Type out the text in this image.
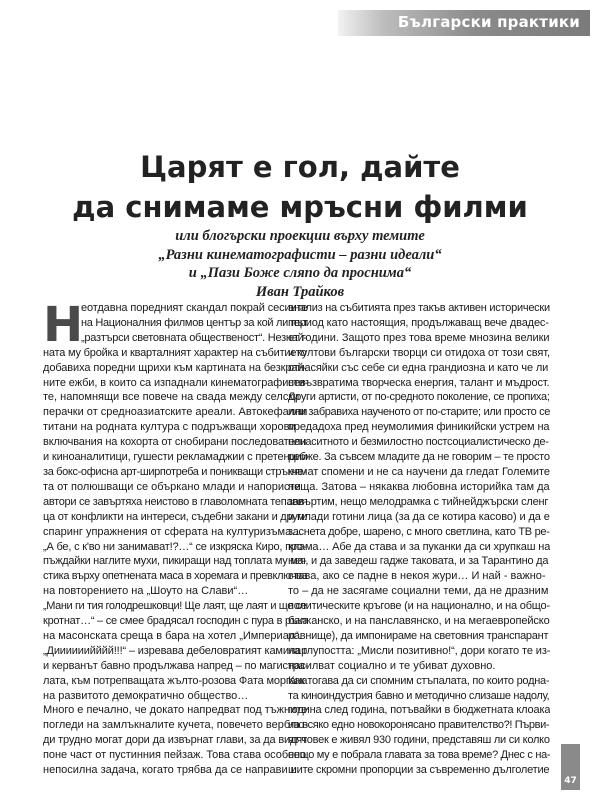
Български практики
Царят е гол, дайте
да снимаме мръсни филми
или блогърски проекции върху темите
„Разни кинематографисти – разни идеали“
и „Пази Боже сляпо да проснима“
Иван Трайков
Н
еотдавна поредният скандал покрай сесиите
на Националния филмов център за кой ли път
„разтърси световната общественост“. Незнай-
ната му бройка и кварталният характер на събитието
добавиха поредни щрихи към картината на безкрай-
ните ежби, в които са изпаднали кинематографисти-
те, напомнящи все повече на свада между селски
перачки от средноазиатските ареали. Автокефални
титани на родната култура с подръжващи хорови
включвания на кохорта от снобирани последователи
и киноаналитици, гушести рекламаджии с претенции
за бокс-офисна арт-ширпотреба и поникващи стръкче-
та от полюшващи се объркано млади и напористи
автори се завъртяха неистово в главоломната тепави-
ца от конфликти на интереси, съдебни закани и други
спаринг упражнения от сферата на културизъма…
„А бе, с к'во ни занимават!?…“ се изкряска Киро, про-
пъждайки наглите мухи, пикиращи над топлата му ма-
стика върху опетнената маса в хоремага и превключва
на повторението на „Шоуто на Слави“…
„Мани ги тия голодрешковци! Ще лаят, ще лаят и ще се
кротнат…“ – се смее брадясал господин с пура в ръка
на масонската среща в бара на хотел „Империал“.
„Диииииийййй!!!“ – изревава дебеловратият камилар
и керванът бавно продължава напред – по магистра-
лата, към потрепващата жълто-розова Фата моргана
на развитото демократично общество…
Много е печално, че докато напредват под тъжните
погледи на замлъкналите кучета, повечето верблю-
ди трудно могат дори да извърнат глави, за да видят
поне част от пустинния пейзаж. Това става особено
непосилна задача, когато трябва да се направи и
анализ на събитията през такъв активен исторически
период като настоящия, продължаващ вече двадес-
ет години. Защото през това време мнозина велики
и култови български творци си отидоха от този свят,
отнасяйки със себе си една грандиозна и като че ли
невъзвратима творческа енергия, талант и мъдрост.
Други артисти, от по-средното поколение, се пропиха;
или забравиха наученото от по-старите; или просто се
предадоха пред неумолимия финикийски устрем на
ненаситното и безмилостно постсоциалистическо де-
ребже. За съвсем младите да не говорим – те просто
нямат спомени и не са научени да гледат Големите
неща. Затова – някаква любовна историйка там да
завъртим, нещо мелодрамка с тийнейджърски сленг
и млади готини лица (за да се котира касово) и да е
заснета добре, шарено, с много светлина, като ТВ ре-
клама… Абе да става и за пуканки да си хрупкаш на
нея, и да заведеш гадже таковата, и за Тарантино да
става, ако се падне в некоя жури… И най - важно-
то – да не засягаме социални теми, да не дразним
политическите кръгове (и на национално, и на общо-
балканско, и на панславянско, и на мегаевропейско
равнище), да импонираме на световния транспарант
на глупостта: „Мисли позитивно!“, дори когато те из-
насилват социално и те убиват духовно.
Как тогава да си спомним стъпалата, по които родна-
та киноиндустрия бавно и методично слизаше надолу,
година след година, потъвайки в бюджетната клоака
на всяко едно новокоронясано правителство?! Първи-
ят човек е живял 930 години, представяш ли си колко
нещо му е побрала главата за това време? Днес с на-
шите скромни пропорции за съвременно дълголетие
47
